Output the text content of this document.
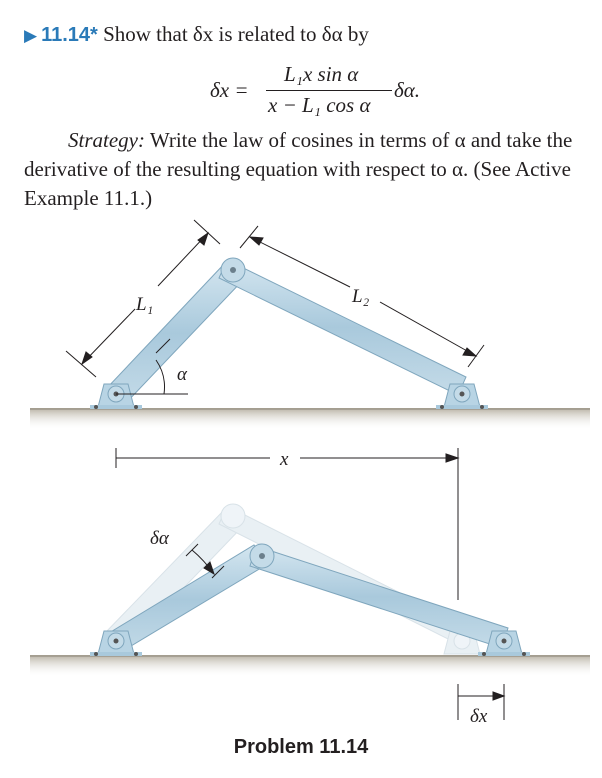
▶ 11.14* Show that δx is related to δα by
δx =
L₁x sin α
x − L₁ cos α
δα.
Strategy: Write the law of cosines in terms of α and take the derivative of the resulting equation with respect to α. (See Active Example 11.1.)
L₁	L₂
α
x
δα
δx
Problem 11.14
